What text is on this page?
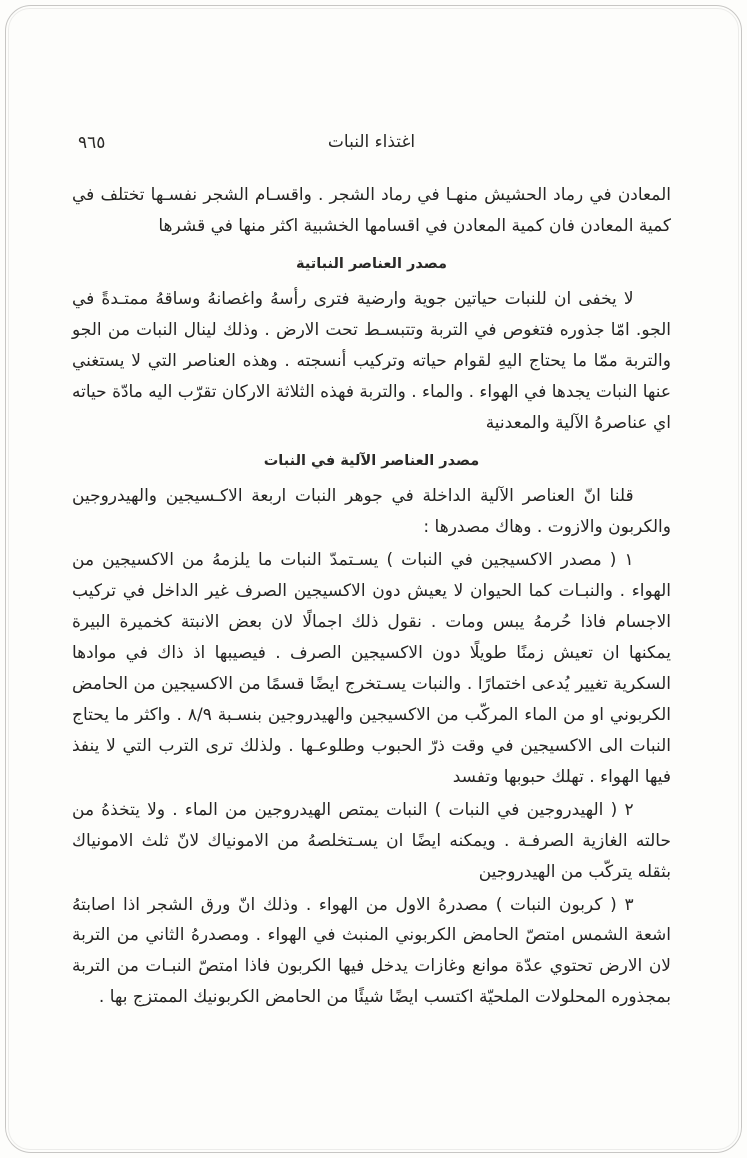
٩٦٥	اغتذاء النبات

المعادن في رماد الحشيش منهـا في رماد الشجر . واقسـام الشجر نفسـها تختلف في كمية المعادن فان كمية المعادن في اقسامها الخشبية اكثر منها في قشرها

مصدر العناصر النباتية

لا يخفى ان للنبات حياتين جوية وارضية فترى رأسهُ واغصانهُ وساقهُ ممتـدةً في الجو. امّا جذوره فتغوص في التربة وتتبسـط تحت الارض . وذلك لينال النبات من الجو والتربة ممّا ما يحتاج اليهِ لقوام حياته وتركيب أنسجته . وهذه العناصر التي لا يستغني عنها النبات يجدها في الهواء . والماء . والتربة فهذه الثلاثة الاركان تقرّب اليه مادّة حياته اي عناصرهُ الآلية والمعدنية

مصدر العناصر الآلية في النبات

قلنا انّ العناصر الآلية الداخلة في جوهر النبات اربعة الاكـسيجين والهيدروجين والكربون والازوت . وهاك مصدرها :

١ ( مصدر الاكسيجين في النبات ) يسـتمدّ النبات ما يلزمهُ من الاكسيجين من الهواء . والنبـات كما الحيوان لا يعيش دون الاكسيجين الصرف غير الداخل في تركيب الاجسام فاذا حُرمهُ يبس ومات . نقول ذلك اجمالًا لان بعض الانبتة كخميرة البيرة يمكنها ان تعيش زمنًا طويلًا دون الاكسيجين الصرف . فيصيبها اذ ذاك في موادها السكرية تغيير يُدعى اختمارًا . والنبات يسـتخرج ايضًا قسمًا من الاكسيجين من الحامض الكربوني او من الماء المركّب من الاكسيجين والهيدروجين بنسـبة ٨/٩ . واكثر ما يحتاج النبات الى الاكسيجين في وقت ذرّ الحبوب وطلوعـها . ولذلك ترى الترب التي لا ينفذ فيها الهواء . تهلك حبوبها وتفسد

٢ ( الهيدروجين في النبات ) النبات يمتص الهيدروجين من الماء . ولا يتخذهُ من حالته الغازية الصرفـة . ويمكنه ايضًا ان يسـتخلصهُ من الامونياك لانّ ثلث الامونياك بثقله يتركّب من الهيدروجين

٣ ( كربون النبات ) مصدرهُ الاول من الهواء . وذلك انّ ورق الشجر اذا اصابتهُ اشعة الشمس امتصّ الحامض الكربوني المنبث في الهواء . ومصدرهُ الثاني من التربة لان الارض تحتوي عدّة موانع وغازات يدخل فيها الكربون فاذا امتصّ النبـات من التربة بمجذوره المحلولات الملحيّة اكتسب ايضًا شيئًا من الحامض الكربونيك الممتزج بها .
